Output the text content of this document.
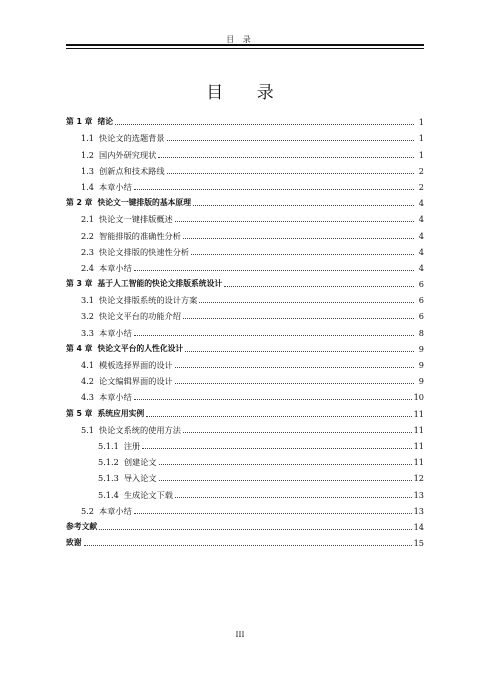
目 录
目 录
第 1 章 绪论	1
1.1 快论文的选题背景	1
1.2 国内外研究现状	1
1.3 创新点和技术路线	2
1.4 本章小结	2
第 2 章 快论文一键排版的基本原理	4
2.1 快论文一键排版概述	4
2.2 智能排版的准确性分析	4
2.3 快论文排版的快速性分析	4
2.4 本章小结	4
第 3 章 基于人工智能的快论文排版系统设计	6
3.1 快论文排版系统的设计方案	6
3.2 快论文平台的功能介绍	6
3.3 本章小结	8
第 4 章 快论文平台的人性化设计	9
4.1 模板选择界面的设计	9
4.2 论文编辑界面的设计	9
4.3 本章小结	10
第 5 章 系统应用实例	11
5.1 快论文系统的使用方法	11
5.1.1 注册	11
5.1.2 创建论文	11
5.1.3 导入论文	12
5.1.4 生成论文下载	13
5.2 本章小结	13
参考文献	14
致谢	15
III
